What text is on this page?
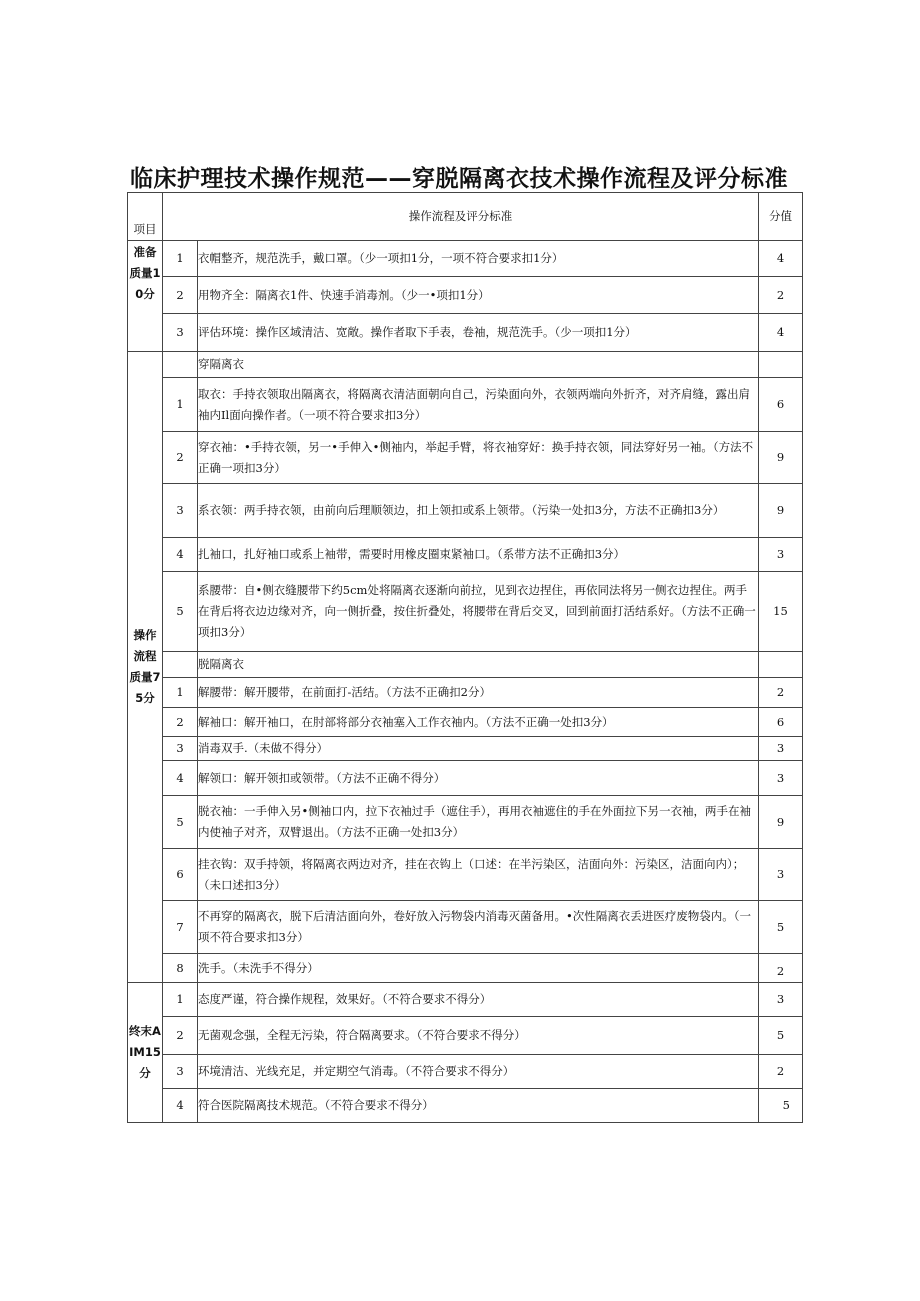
临床护理技术操作规范——穿脱隔离衣技术操作流程及评分标准
项目	操作流程及评分标准		分值
准备质量10分	1	衣帽整齐，规范洗手，戴口罩。（少一项扣1分，一项不符合要求扣1分）	4
	2	用物齐全：隔离衣1件、快速手消毒剂。（少一•项扣1分）	2
	3	评估环境：操作区域清洁、宽敞。操作者取下手表，卷袖，规范洗手。（少一项扣1分）	4
操作流程质量75分		穿隔离衣	
	1	取衣：手持衣领取出隔离衣，将隔离衣清洁面朝向自己，污染面向外，衣领两端向外折齐，对齐肩缝，露出肩袖内Il面向操作者。（一项不符合要求扣3分）	6
	2	穿衣袖：•手持衣领，另一•手伸入•侧袖内，举起手臂，将衣袖穿好：换手持衣领，同法穿好另一袖。（方法不正确一项扣3分）	9
	3	系衣领：两手持衣领，由前向后理顺领边，扣上领扣或系上领带。（污染一处扣3分，方法不正确扣3分）	9
	4	扎袖口，扎好袖口或系上袖带，需要时用橡皮圈束紧袖口。（系带方法不正确扣3分）	3
	5	系腰带：自•侧衣缝腰带下约5cm处将隔离衣逐渐向前拉，见到衣边捏住，再依同法将另一侧衣边捏住。两手在背后将衣边边缘对齐，向一侧折叠，按住折叠处，将腰带在背后交叉，回到前面打活结系好。（方法不正确一项扣3分）	15
		脱隔离衣	
	1	解腰带：解开腰带，在前面打-活结。（方法不正确扣2分）	2
	2	解袖口：解开袖口，在肘部将部分衣袖塞入工作衣袖内。（方法不正确一处扣3分）	6
	3	消毒双手.（未做不得分）	3
	4	解领口：解开领扣或领带。（方法不正确不得分）	3
	5	脱衣袖：一手伸入另•侧袖口内，拉下衣袖过手（遮住手），再用衣袖遮住的手在外面拉下另一衣袖，两手在袖内使袖子对齐，双臂退出。（方法不正确一处扣3分）	9
	6	挂衣钩：双手持领，将隔离衣两边对齐，挂在衣钩上（口述：在半污染区，洁面向外：污染区，洁面向内）；（未口述扣3分）	3
	7	不再穿的隔离衣，脱下后清洁面向外，卷好放入污物袋内消毒灭菌备用。•次性隔离衣丢进医疗废物袋内。（一项不符合要求扣3分）	5
	8	洗手。（未洗手不得分）	2
终末AIM15分	1	态度严谨，符合操作规程，效果好。（不符合要求不得分）	3
	2	无菌观念强，全程无污染，符合隔离要求。（不符合要求不得分）	5
	3	环境清洁、光线充足，并定期空气消毒。（不符合要求不得分）	2
	4	符合医院隔离技术规范。（不符合要求不得分）	5
